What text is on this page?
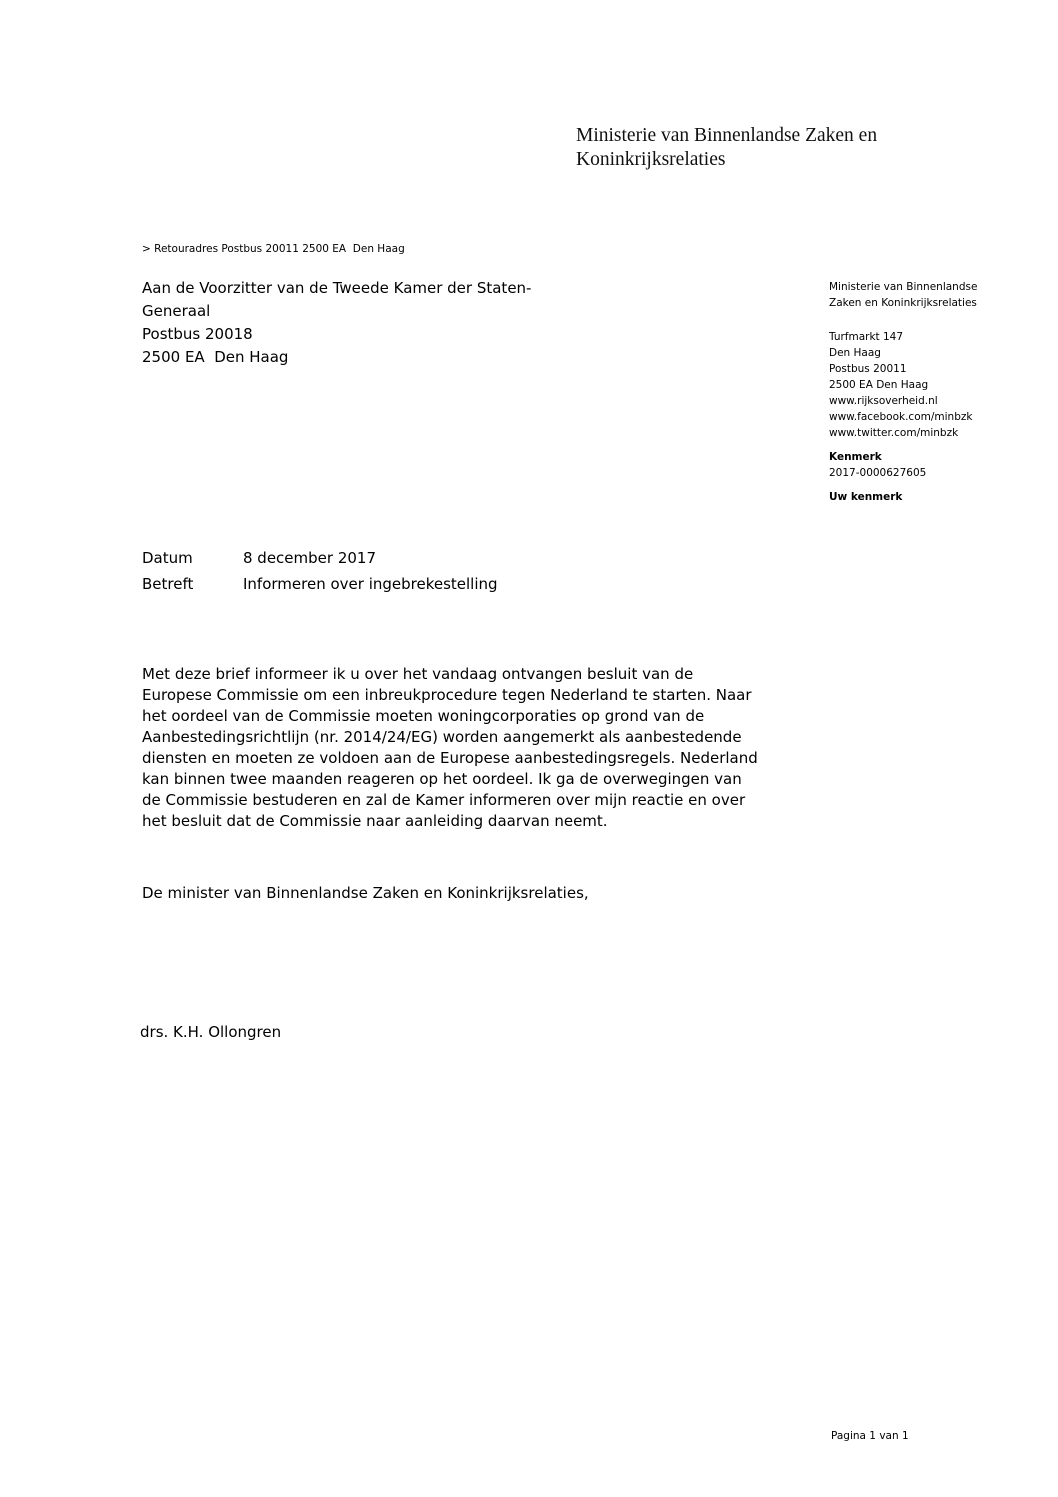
Ministerie van Binnenlandse Zaken en
Koninkrijksrelaties
> Retouradres Postbus 20011 2500 EA  Den Haag
Aan de Voorzitter van de Tweede Kamer der Staten-
Generaal
Postbus 20018
2500 EA  Den Haag
Ministerie van Binnenlandse
Zaken en Koninkrijksrelaties
Turfmarkt 147
Den Haag
Postbus 20011
2500 EA Den Haag
www.rijksoverheid.nl
www.facebook.com/minbzk
www.twitter.com/minbzk
Kenmerk
2017-0000627605
Uw kenmerk
Datum	8 december 2017
Betreft	Informeren over ingebrekestelling
Met deze brief informeer ik u over het vandaag ontvangen besluit van de
Europese Commissie om een inbreukprocedure tegen Nederland te starten. Naar
het oordeel van de Commissie moeten woningcorporaties op grond van de
Aanbestedingsrichtlijn (nr. 2014/24/EG) worden aangemerkt als aanbestedende
diensten en moeten ze voldoen aan de Europese aanbestedingsregels. Nederland
kan binnen twee maanden reageren op het oordeel. Ik ga de overwegingen van
de Commissie bestuderen en zal de Kamer informeren over mijn reactie en over
het besluit dat de Commissie naar aanleiding daarvan neemt.
De minister van Binnenlandse Zaken en Koninkrijksrelaties,
drs. K.H. Ollongren
Pagina 1 van 1
